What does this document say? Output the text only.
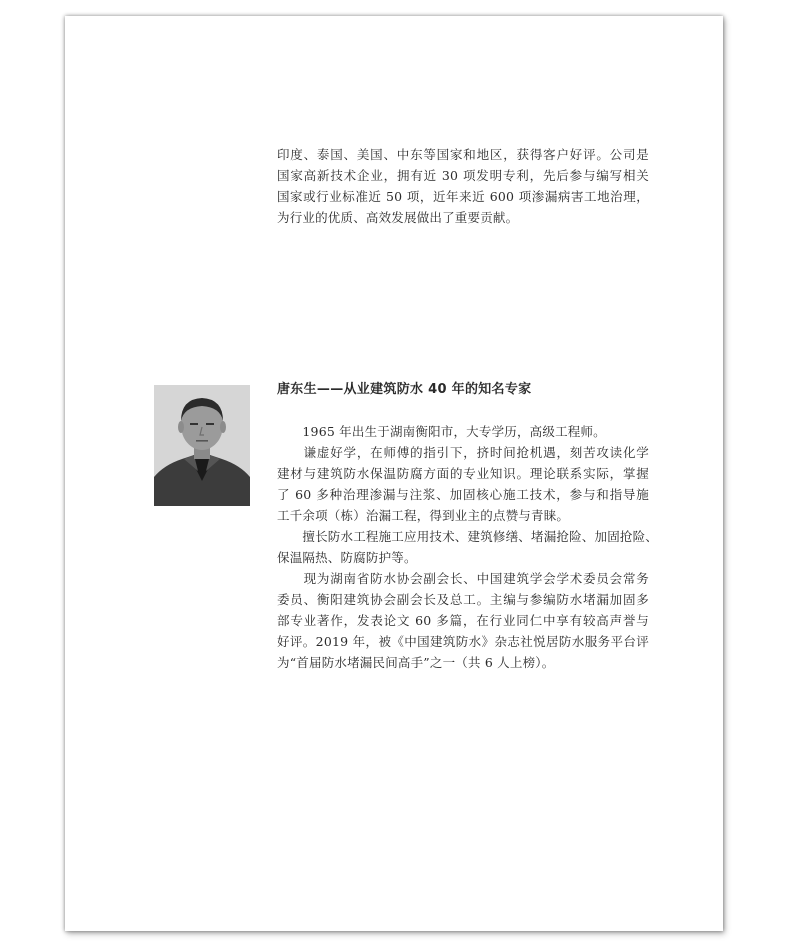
印度、泰国、美国、中东等国家和地区，获得客户好评。公司是
国家高新技术企业，拥有近 30 项发明专利，先后参与编写相关
国家或行业标准近 50 项，近年来近 600 项渗漏病害工地治理，
为行业的优质、高效发展做出了重要贡献。
唐东生——从业建筑防水 40 年的知名专家
　　1965 年出生于湖南衡阳市，大专学历，高级工程师。
　　谦虚好学，在师傅的指引下，挤时间抢机遇，刻苦攻读化学
建材与建筑防水保温防腐方面的专业知识。理论联系实际，掌握
了 60 多种治理渗漏与注浆、加固核心施工技术，参与和指导施
工千余项（栋）治漏工程，得到业主的点赞与青睐。
　　擅长防水工程施工应用技术、建筑修缮、堵漏抢险、加固抢险、
保温隔热、防腐防护等。
　　现为湖南省防水协会副会长、中国建筑学会学术委员会常务
委员、衡阳建筑协会副会长及总工。主编与参编防水堵漏加固多
部专业著作，发表论文 60 多篇，在行业同仁中享有较高声誉与
好评。2019 年，被《中国建筑防水》杂志社悦居防水服务平台评
为“首届防水堵漏民间高手”之一（共 6 人上榜）。
